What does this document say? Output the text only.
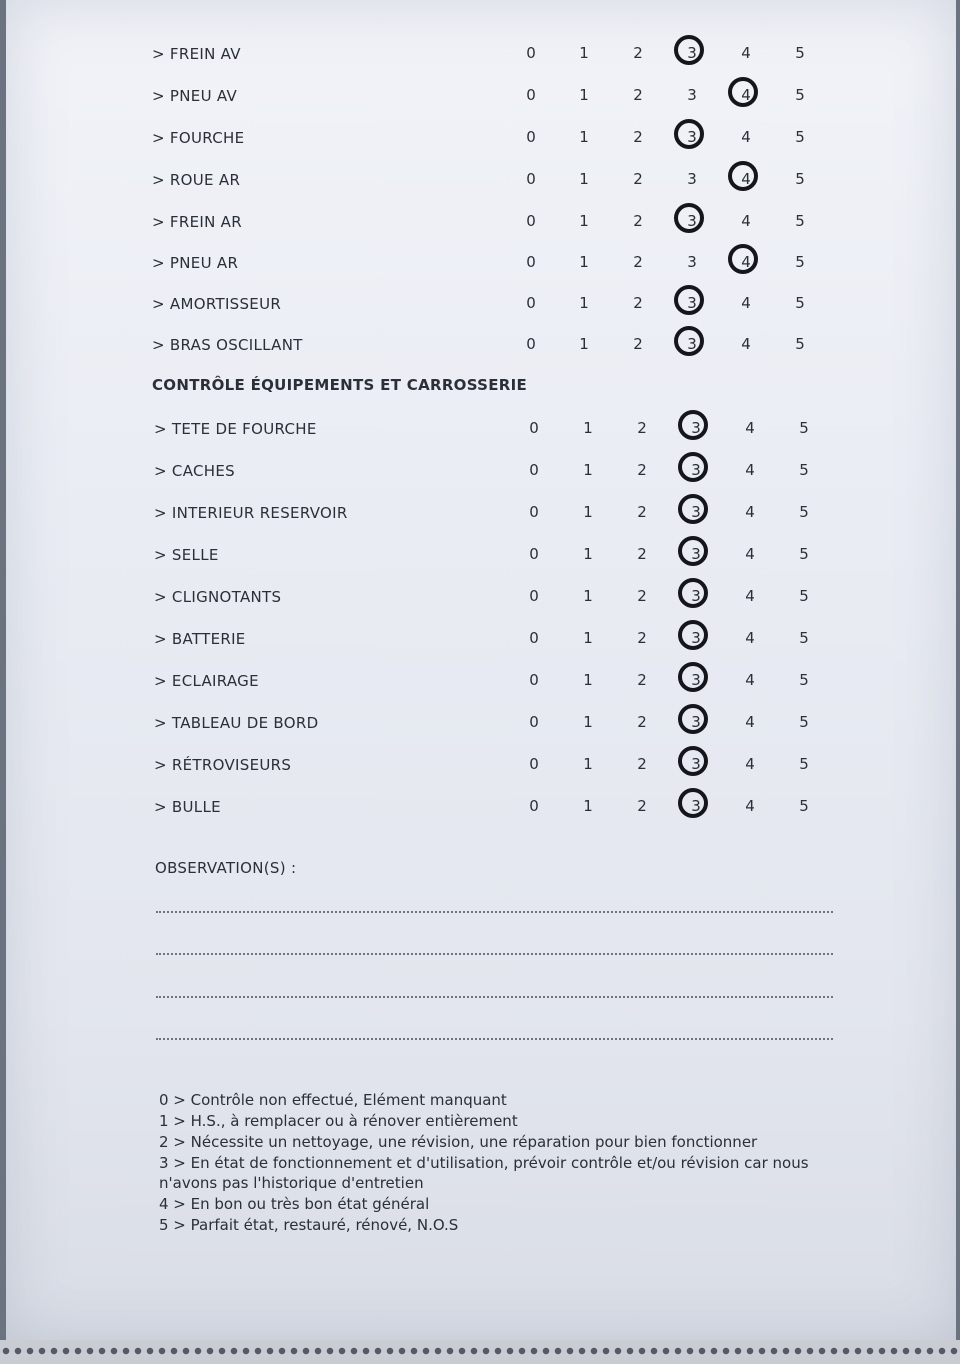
> FREIN AV	0	1	2	3	4	5
> PNEU AV	0	1	2	3	4	5
> FOURCHE	0	1	2	3	4	5
> ROUE AR	0	1	2	3	4	5
> FREIN AR	0	1	2	3	4	5
> PNEU AR	0	1	2	3	4	5
> AMORTISSEUR	0	1	2	3	4	5
> BRAS OSCILLANT	0	1	2	3	4	5
CONTRÔLE ÉQUIPEMENTS ET CARROSSERIE
> TETE DE FOURCHE	0	1	2	3	4	5
> CACHES	0	1	2	3	4	5
> INTERIEUR RESERVOIR	0	1	2	3	4	5
> SELLE	0	1	2	3	4	5
> CLIGNOTANTS	0	1	2	3	4	5
> BATTERIE	0	1	2	3	4	5
> ECLAIRAGE	0	1	2	3	4	5
> TABLEAU DE BORD	0	1	2	3	4	5
> RÉTROVISEURS	0	1	2	3	4	5
> BULLE	0	1	2	3	4	5
OBSERVATION(S) :
0 > Contrôle non effectué, Elément manquant
1 > H.S., à remplacer ou à rénover entièrement
2 > Nécessite un nettoyage, une révision, une réparation pour bien fonctionner
3 > En état de fonctionnement et d'utilisation, prévoir contrôle et/ou révision car nous
n'avons pas l'historique d'entretien
4 > En bon ou très bon état général
5 > Parfait état, restauré, rénové, N.O.S
